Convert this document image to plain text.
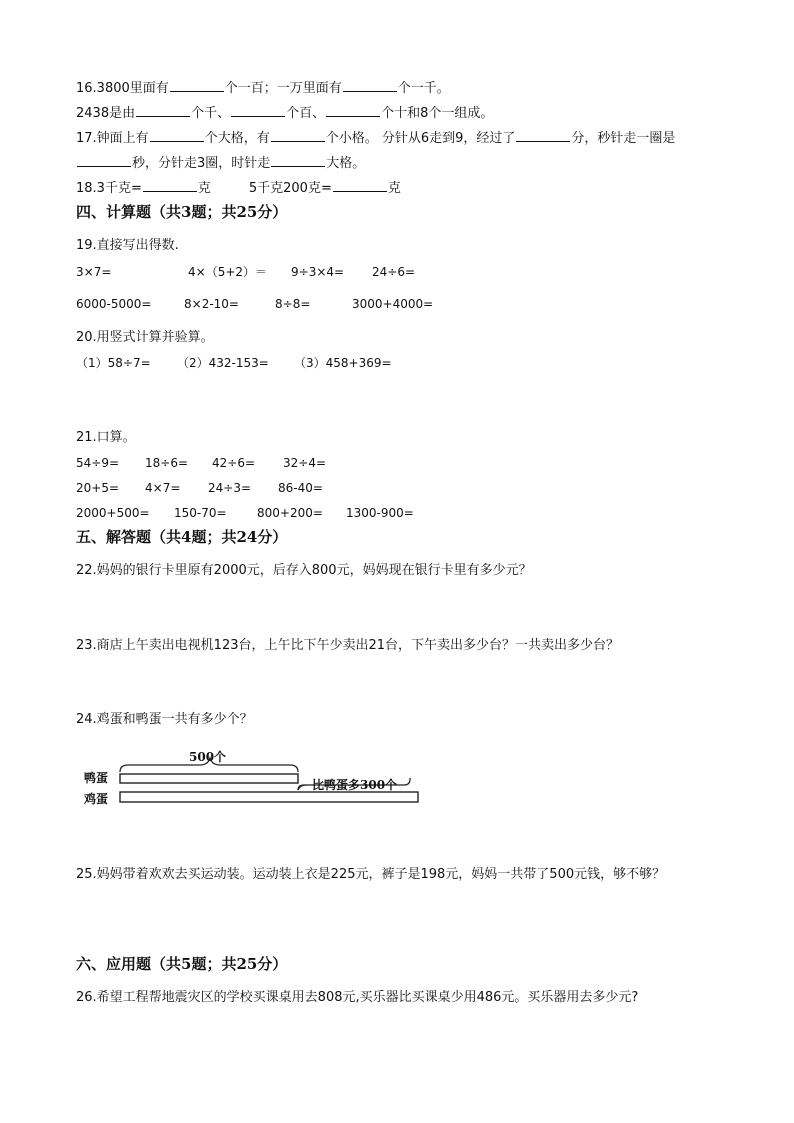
16.3800里面有	个一百；一万里面有	个一千。
2438是由	个千、	个百、	个十和8个一组成。
17.钟面上有	个大格，有	个小格。 分针从6走到9，经过了	分，秒针走一圈是
秒，分针走3圈，时针走	大格。
18.3千克=	克	5千克200克=	克
四、计算题（共3题；共25分）
19.直接写出得数.
3×7=	4×（5+2）＝ 9÷3×4= 24÷6=
6000-5000=	8×2-10=	8÷8=	3000+4000=
20.用竖式计算并验算。
（1）58÷7= （2）432-153= （3）458+369=
21.口算。
54÷9= 18÷6= 42÷6= 32÷4=
20+5= 4×7= 24÷3= 86-40=
2000+500= 150-70=	800+200= 1300-900=
五、解答题（共4题；共24分）
22.妈妈的银行卡里原有2000元，后存入800元，妈妈现在银行卡里有多少元？
23.商店上午卖出电视机123台，上午比下午少卖出21台，下午卖出多少台？一共卖出多少台？
24.鸡蛋和鸭蛋一共有多少个？
500个
鸭蛋
鸡蛋
比鸭蛋多300个
25.妈妈带着欢欢去买运动装。运动装上衣是225元，裤子是198元，妈妈一共带了500元钱，够不够？
六、应用题（共5题；共25分）
26.希望工程帮地震灾区的学校买课桌用去808元,买乐器比买课桌少用486元。买乐器用去多少元?
